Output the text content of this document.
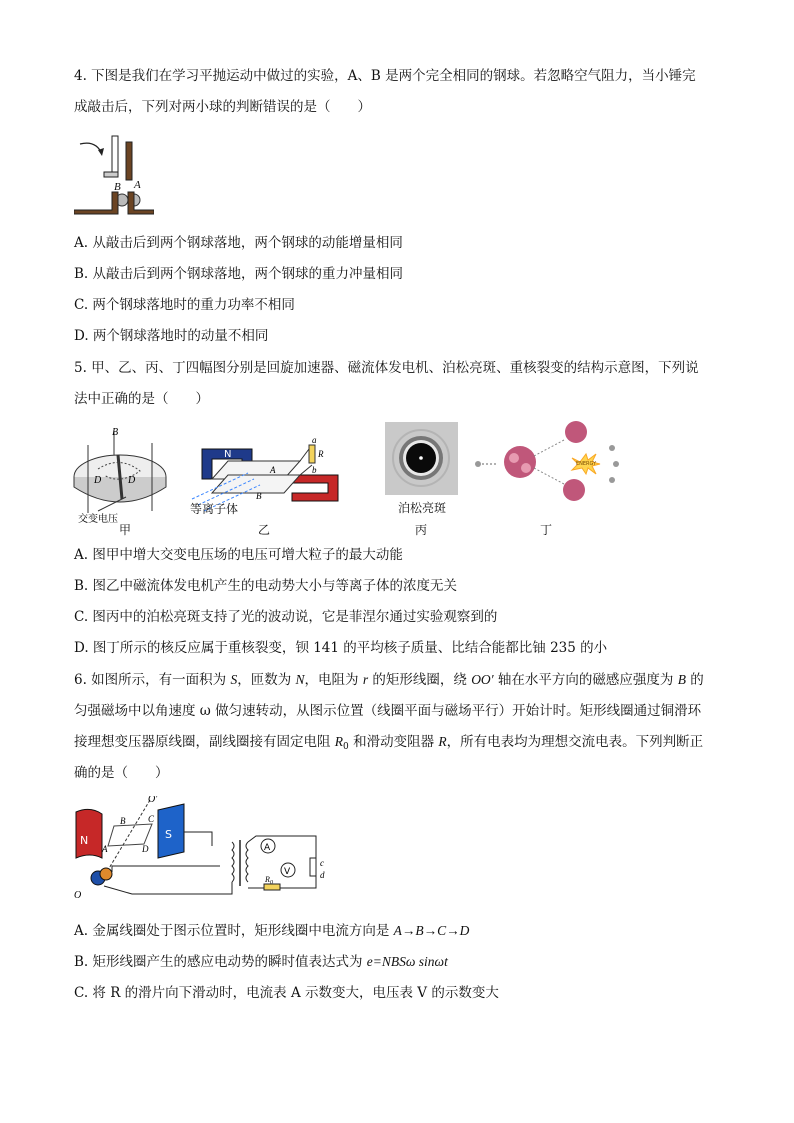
4. 下图是我们在学习平抛运动中做过的实验，A、B 是两个完全相同的钢球。若忽略空气阻力，当小锤完
成敲击后，下列对两小球的判断错误的是（　　）
B A
A. 从敲击后到两个钢球落地，两个钢球的动能增量相同
B. 从敲击后到两个钢球落地，两个钢球的重力冲量相同
C. 两个钢球落地时的重力功率不相同
D. 两个钢球落地时的动量不相同
5. 甲、乙、丙、丁四幅图分别是回旋加速器、磁流体发电机、泊松亮斑、重核裂变的结构示意图，下列说
法中正确的是（　　）
B
D	D
交变电压
甲
N
S
R
a
b
A
B
等离子体
乙
泊松亮斑
丙
ENERGY
丁
A. 图甲中增大交变电压场的电压可增大粒子的最大动能
B. 图乙中磁流体发电机产生的电动势大小与等离子体的浓度无关
C. 图丙中的泊松亮斑支持了光的波动说，它是菲涅尔通过实验观察到的
D. 图丁所示的核反应属于重核裂变，钡 141 的平均核子质量、比结合能都比铀 235 的小
6. 如图所示，有一面积为 S，匝数为 N，电阻为 r 的矩形线圈，绕 OO′ 轴在水平方向的磁感应强度为 B 的
匀强磁场中以角速度 ω 做匀速转动，从图示位置（线圈平面与磁场平行）开始计时。矩形线圈通过铜滑环
接理想变压器原线圈，副线圈接有固定电阻 $R_0$ 和滑动变阻器 R，所有电表均为理想交流电表。下列判断正
确的是（　　）
N	S
A
V
c
d
$R_0$
O′
O
B	C
A	D
A. 金属线圈处于图示位置时，矩形线圈中电流方向是 A→B→C→D
B. 矩形线圈产生的感应电动势的瞬时值表达式为 e=NBSω sinωt
C. 将 R 的滑片向下滑动时，电流表 A 示数变大，电压表 V 的示数变大
